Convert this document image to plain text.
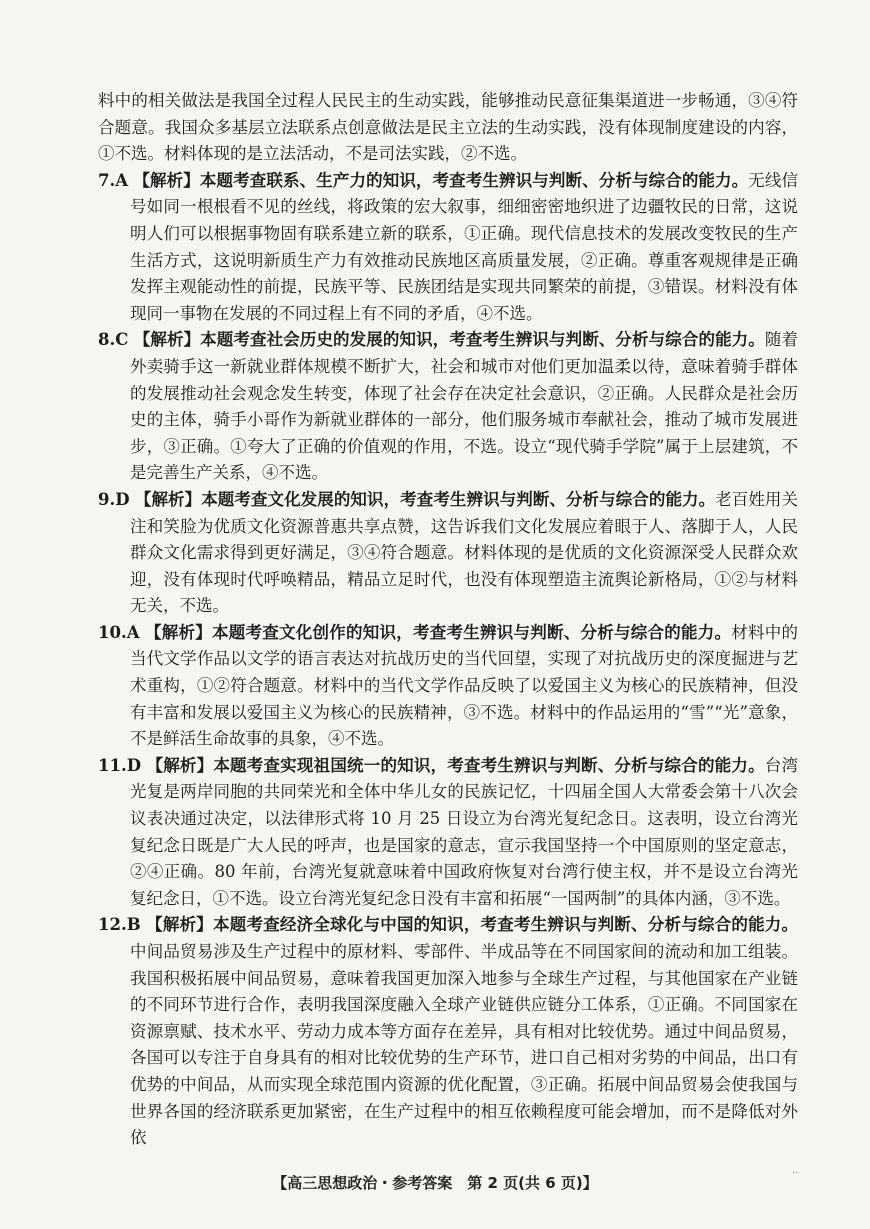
料中的相关做法是我国全过程人民民主的生动实践，能够推动民意征集渠道进一步畅通，③④符合题意。我国众多基层立法联系点创意做法是民主立法的生动实践，没有体现制度建设的内容，①不选。材料体现的是立法活动，不是司法实践，②不选。

7.A 【解析】本题考查联系、生产力的知识，考查考生辨识与判断、分析与综合的能力。无线信号如同一根根看不见的丝线，将政策的宏大叙事，细细密密地织进了边疆牧民的日常，这说明人们可以根据事物固有联系建立新的联系，①正确。现代信息技术的发展改变牧民的生产生活方式，这说明新质生产力有效推动民族地区高质量发展，②正确。尊重客观规律是正确发挥主观能动性的前提，民族平等、民族团结是实现共同繁荣的前提，③错误。材料没有体现同一事物在发展的不同过程上有不同的矛盾，④不选。

8.C 【解析】本题考查社会历史的发展的知识，考查考生辨识与判断、分析与综合的能力。随着外卖骑手这一新就业群体规模不断扩大，社会和城市对他们更加温柔以待，意味着骑手群体的发展推动社会观念发生转变，体现了社会存在决定社会意识，②正确。人民群众是社会历史的主体，骑手小哥作为新就业群体的一部分，他们服务城市奉献社会，推动了城市发展进步，③正确。①夸大了正确的价值观的作用，不选。设立“现代骑手学院”属于上层建筑，不是完善生产关系，④不选。

9.D 【解析】本题考查文化发展的知识，考查考生辨识与判断、分析与综合的能力。老百姓用关注和笑脸为优质文化资源普惠共享点赞，这告诉我们文化发展应着眼于人、落脚于人，人民群众文化需求得到更好满足，③④符合题意。材料体现的是优质的文化资源深受人民群众欢迎，没有体现时代呼唤精品，精品立足时代，也没有体现塑造主流舆论新格局，①②与材料无关，不选。

10.A 【解析】本题考查文化创作的知识，考查考生辨识与判断、分析与综合的能力。材料中的当代文学作品以文学的语言表达对抗战历史的当代回望，实现了对抗战历史的深度掘进与艺术重构，①②符合题意。材料中的当代文学作品反映了以爱国主义为核心的民族精神，但没有丰富和发展以爱国主义为核心的民族精神，③不选。材料中的作品运用的“雪”“光”意象，不是鲜活生命故事的具象，④不选。

11.D 【解析】本题考查实现祖国统一的知识，考查考生辨识与判断、分析与综合的能力。台湾光复是两岸同胞的共同荣光和全体中华儿女的民族记忆，十四届全国人大常委会第十八次会议表决通过决定，以法律形式将 10 月 25 日设立为台湾光复纪念日。这表明，设立台湾光复纪念日既是广大人民的呼声，也是国家的意志，宣示我国坚持一个中国原则的坚定意志，②④正确。80 年前，台湾光复就意味着中国政府恢复对台湾行使主权，并不是设立台湾光复纪念日，①不选。设立台湾光复纪念日没有丰富和拓展“一国两制”的具体内涵，③不选。

12.B 【解析】本题考查经济全球化与中国的知识，考查考生辨识与判断、分析与综合的能力。中间品贸易涉及生产过程中的原材料、零部件、半成品等在不同国家间的流动和加工组装。我国积极拓展中间品贸易，意味着我国更加深入地参与全球生产过程，与其他国家在产业链的不同环节进行合作，表明我国深度融入全球产业链供应链分工体系，①正确。不同国家在资源禀赋、技术水平、劳动力成本等方面存在差异，具有相对比较优势。通过中间品贸易，各国可以专注于自身具有的相对比较优势的生产环节，进口自己相对劣势的中间品，出口有优势的中间品，从而实现全球范围内资源的优化配置，③正确。拓展中间品贸易会使我国与世界各国的经济联系更加紧密，在生产过程中的相互依赖程度可能会增加，而不是降低对外依

【高三思想政治・参考答案　第 2 页(共 6 页)】
··
